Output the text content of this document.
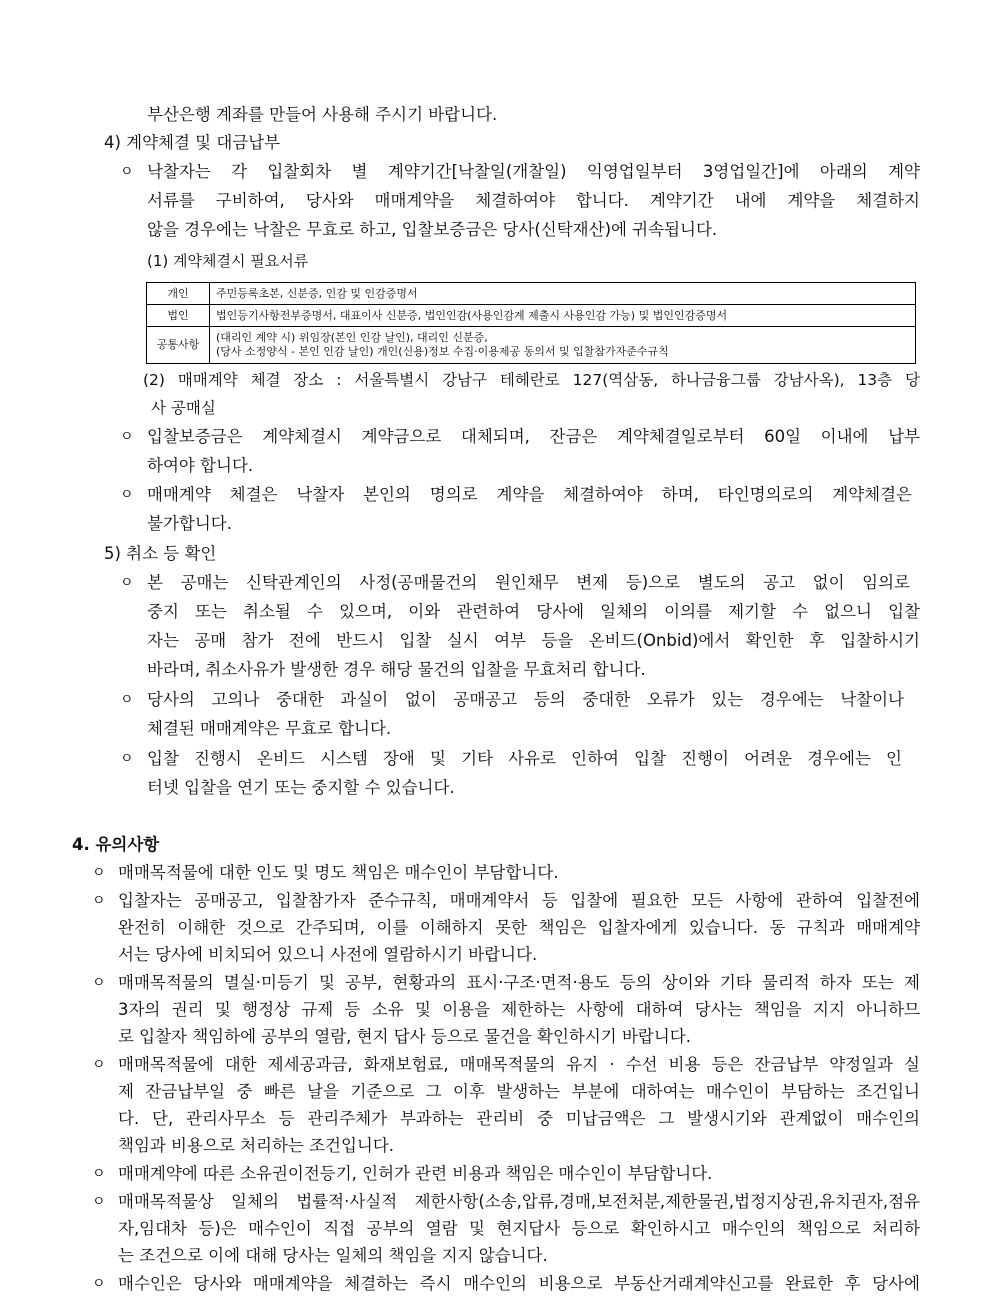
부산은행 계좌를 만들어 사용해 주시기 바랍니다.
4) 계약체결 및 대금납부
ㅇ 낙찰자는 각 입찰회차 별 계약기간[낙찰일(개찰일) 익영업일부터 3영업일간]에 아래의 계약
서류를 구비하여, 당사와 매매계약을 체결하여야 합니다. 계약기간 내에 계약을 체결하지
않을 경우에는 낙찰은 무효로 하고, 입찰보증금은 당사(신탁재산)에 귀속됩니다.
(1) 계약체결시 필요서류
개인	주민등록초본, 신분증, 인감 및 인감증명서
법인	법인등기사항전부증명서, 대표이사 신분증, 법인인감(사용인감계 제출시 사용인감 가능) 및 법인인감증명서
공통사항	(대리인 계약 시) 위임장(본인 인감 날인), 대리인 신분증,
(당사 소정양식 - 본인 인감 날인) 개인(신용)정보 수집·이용제공 동의서 및 입찰참가자준수규칙
(2) 매매계약 체결 장소 : 서울특별시 강남구 테헤란로 127(역삼동, 하나금융그룹 강남사옥), 13층 당
사 공매실
ㅇ 입찰보증금은 계약체결시 계약금으로 대체되며, 잔금은 계약체결일로부터 60일 이내에 납부
하여야 합니다.
ㅇ 매매계약 체결은 낙찰자 본인의 명의로 계약을 체결하여야 하며, 타인명의로의 계약체결은
불가합니다.
5) 취소 등 확인
ㅇ 본 공매는 신탁관계인의 사정(공매물건의 원인채무 변제 등)으로 별도의 공고 없이 임의로
중지 또는 취소될 수 있으며, 이와 관련하여 당사에 일체의 이의를 제기할 수 없으니 입찰
자는 공매 참가 전에 반드시 입찰 실시 여부 등을 온비드(Onbid)에서 확인한 후 입찰하시기
바라며, 취소사유가 발생한 경우 해당 물건의 입찰을 무효처리 합니다.
ㅇ 당사의 고의나 중대한 과실이 없이 공매공고 등의 중대한 오류가 있는 경우에는 낙찰이나
체결된 매매계약은 무효로 합니다.
ㅇ 입찰 진행시 온비드 시스템 장애 및 기타 사유로 인하여 입찰 진행이 어려운 경우에는 인
터넷 입찰을 연기 또는 중지할 수 있습니다.
4. 유의사항
ㅇ 매매목적물에 대한 인도 및 명도 책임은 매수인이 부담합니다.
ㅇ 입찰자는 공매공고, 입찰참가자 준수규칙, 매매계약서 등 입찰에 필요한 모든 사항에 관하여 입찰전에
완전히 이해한 것으로 간주되며, 이를 이해하지 못한 책임은 입찰자에게 있습니다. 동 규칙과 매매계약
서는 당사에 비치되어 있으니 사전에 열람하시기 바랍니다.
ㅇ 매매목적물의 멸실·미등기 및 공부, 현황과의 표시·구조·면적·용도 등의 상이와 기타 물리적 하자 또는 제
3자의 권리 및 행정상 규제 등 소유 및 이용을 제한하는 사항에 대하여 당사는 책임을 지지 아니하므
로 입찰자 책임하에 공부의 열람, 현지 답사 등으로 물건을 확인하시기 바랍니다.
ㅇ 매매목적물에 대한 제세공과금, 화재보험료, 매매목적물의 유지 · 수선 비용 등은 잔금납부 약정일과 실
제 잔금납부일 중 빠른 날을 기준으로 그 이후 발생하는 부분에 대하여는 매수인이 부담하는 조건입니
다. 단, 관리사무소 등 관리주체가 부과하는 관리비 중 미납금액은 그 발생시기와 관계없이 매수인의
책임과 비용으로 처리하는 조건입니다.
ㅇ 매매계약에 따른 소유권이전등기, 인허가 관련 비용과 책임은 매수인이 부담합니다.
ㅇ 매매목적물상 일체의 법률적·사실적 제한사항(소송,압류,경매,보전처분,제한물권,법정지상권,유치권자,점유
자,임대차 등)은 매수인이 직접 공부의 열람 및 현지답사 등으로 확인하시고 매수인의 책임으로 처리하
는 조건으로 이에 대해 당사는 일체의 책임을 지지 않습니다.
ㅇ 매수인은 당사와 매매계약을 체결하는 즉시 매수인의 비용으로 부동산거래계약신고를 완료한 후 당사에
